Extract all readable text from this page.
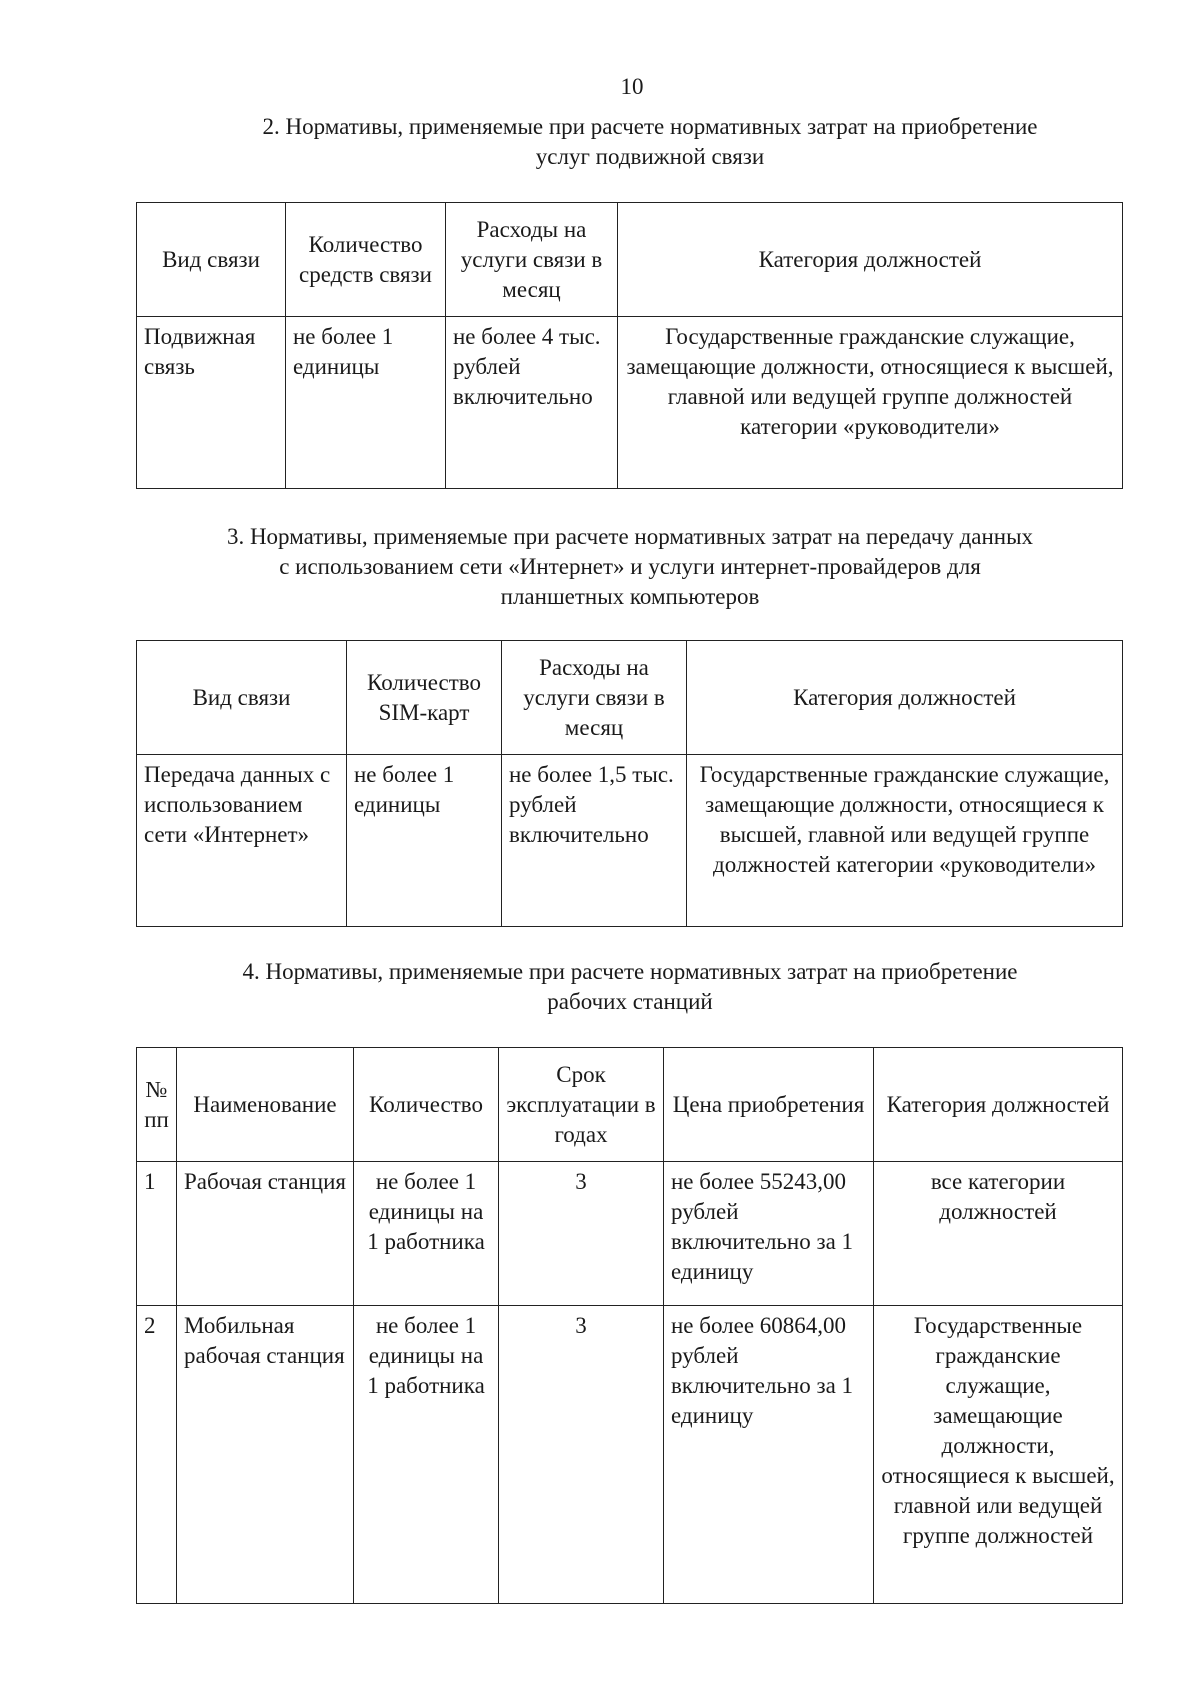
10
2. Нормативы, применяемые при расчете нормативных затрат на приобретение
услуг подвижной связи
Вид связи	Количество средств связи	Расходы на услуги связи в месяц	Категория должностей
Подвижная связь	не более 1 единицы	не более 4 тыс. рублей включительно	Государственные гражданские служащие, замещающие должности, относящиеся к высшей, главной или ведущей группе должностей категории «руководители»
3. Нормативы, применяемые при расчете нормативных затрат на передачу данных
с использованием сети «Интернет» и услуги интернет-провайдеров для
планшетных компьютеров
Вид связи	Количество SIM-карт	Расходы на услуги связи в месяц	Категория должностей
Передача данных с использованием сети «Интернет»	не более 1 единицы	не более 1,5 тыс. рублей включительно	Государственные гражданские служащие, замещающие должности, относящиеся к высшей, главной или ведущей группе должностей категории «руководители»
4. Нормативы, применяемые при расчете нормативных затрат на приобретение
рабочих станций
№ пп	Наименование	Количество	Срок эксплуатации в годах	Цена приобретения	Категория должностей
1	Рабочая станция	не более 1 единицы на 1 работника	3	не более 55243,00 рублей включительно за 1 единицу	все категории должностей
2	Мобильная рабочая станция	не более 1 единицы на 1 работника	3	не более 60864,00 рублей включительно за 1 единицу	Государственные гражданские служащие, замещающие должности, относящиеся к высшей, главной или ведущей группе должностей
